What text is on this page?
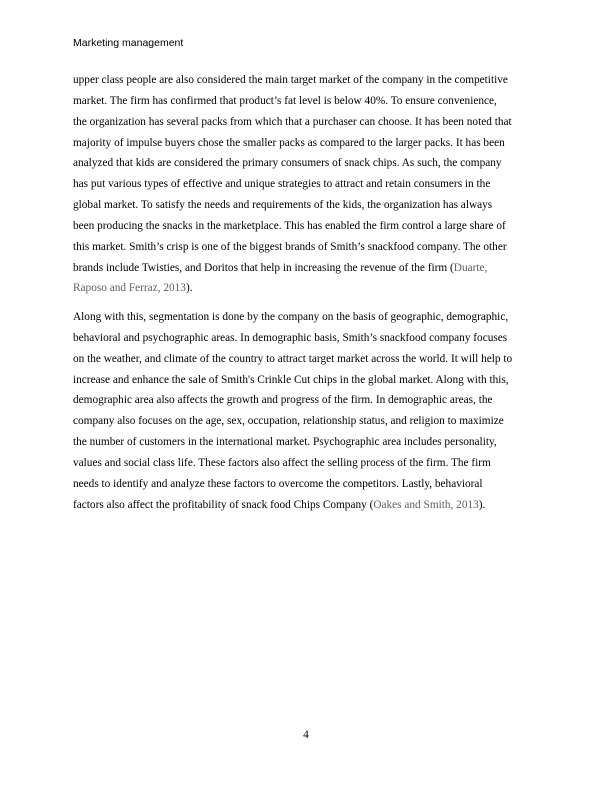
Marketing management
upper class people are also considered the main target market of the company in the competitive
market. The firm has confirmed that product’s fat level is below 40%. To ensure convenience,
the organization has several packs from which that a purchaser can choose. It has been noted that
majority of impulse buyers chose the smaller packs as compared to the larger packs. It has been
analyzed that kids are considered the primary consumers of snack chips. As such, the company
has put various types of effective and unique strategies to attract and retain consumers in the
global market. To satisfy the needs and requirements of the kids, the organization has always
been producing the snacks in the marketplace. This has enabled the firm control a large share of
this market. Smith’s crisp is one of the biggest brands of Smith’s snackfood company. The other
brands include Twisties, and Doritos that help in increasing the revenue of the firm (Duarte,
Raposo and Ferraz, 2013).
Along with this, segmentation is done by the company on the basis of geographic, demographic,
behavioral and psychographic areas. In demographic basis, Smith’s snackfood company focuses
on the weather, and climate of the country to attract target market across the world. It will help to
increase and enhance the sale of Smith's Crinkle Cut chips in the global market. Along with this,
demographic area also affects the growth and progress of the firm. In demographic areas, the
company also focuses on the age, sex, occupation, relationship status, and religion to maximize
the number of customers in the international market. Psychographic area includes personality,
values and social class life. These factors also affect the selling process of the firm. The firm
needs to identify and analyze these factors to overcome the competitors. Lastly, behavioral
factors also affect the profitability of snack food Chips Company (Oakes and Smith, 2013).
4
